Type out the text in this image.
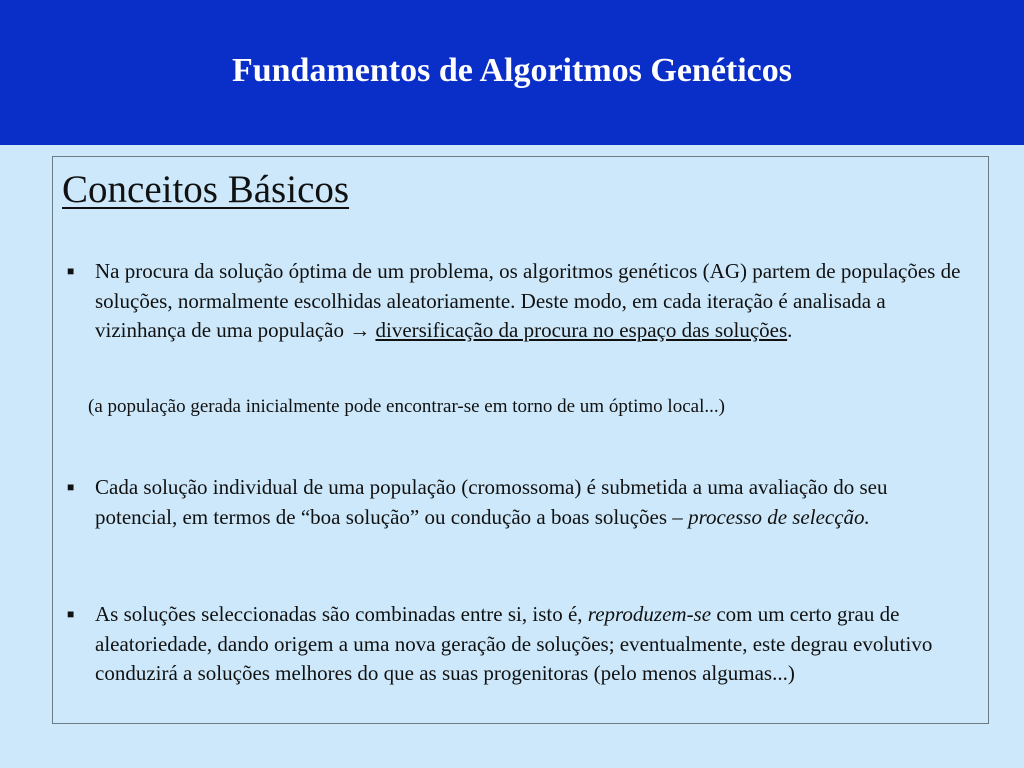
Fundamentos de Algoritmos Genéticos
Conceitos Básicos
■ Na procura da solução óptima de um problema, os algoritmos genéticos (AG) partem de populações de soluções, normalmente escolhidas aleatoriamente. Deste modo, em cada iteração é analisada a vizinhança de uma população → diversificação da procura no espaço das soluções.
(a população gerada inicialmente pode encontrar-se em torno de um óptimo local...)
■ Cada solução individual de uma população (cromossoma) é submetida a uma avaliação do seu potencial, em termos de “boa solução” ou condução a boas soluções – processo de selecção.
■ As soluções seleccionadas são combinadas entre si, isto é, reproduzem-se com um certo grau de aleatoriedade, dando origem a uma nova geração de soluções; eventualmente, este degrau evolutivo conduzirá a soluções melhores do que as suas progenitoras (pelo menos algumas...)
